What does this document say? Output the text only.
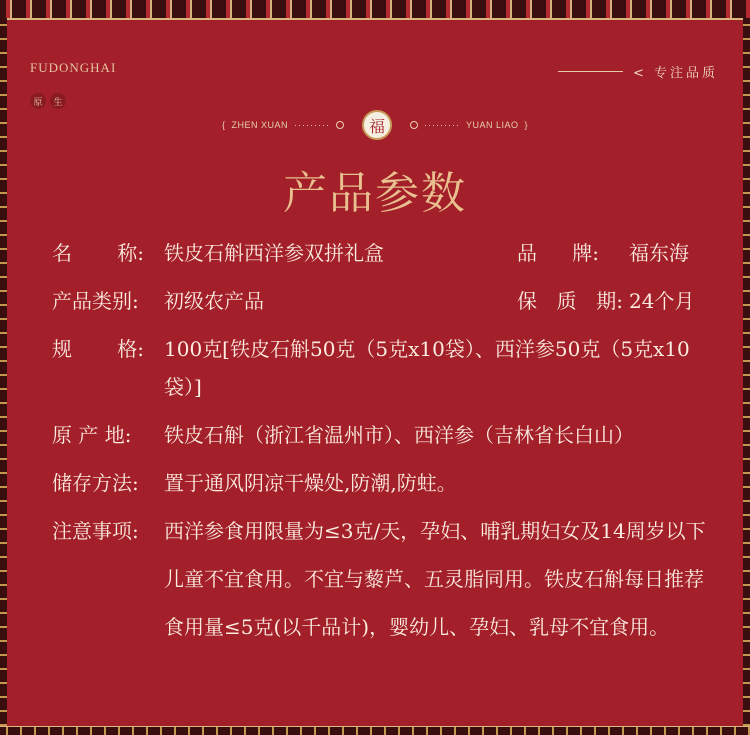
FUDONGHAI
原	生
< 专注品质
{ ZHEN XUAN ·········	福	········· YUAN LIAO }
产品参数
名 称: 铁皮石斛西洋参双拼礼盒	品 牌: 福东海
产品类别:	初级农产品	保 质 期: 24个月
规 格: 100克[铁皮石斛50克（5克x10袋）、西洋参50克（5克x10袋）]
原 产 地:	铁皮石斛（浙江省温州市）、西洋参（吉林省长白山）
储存方法:	置于通风阴凉干燥处,防潮,防蛀。
注意事项:	西洋参食用限量为≤3克/天，孕妇、哺乳期妇女及14周岁以下儿童不宜食用。不宜与藜芦、五灵脂同用。铁皮石斛每日推荐食用量≤5克(以千品计)，婴幼儿、孕妇、乳母不宜食用。
